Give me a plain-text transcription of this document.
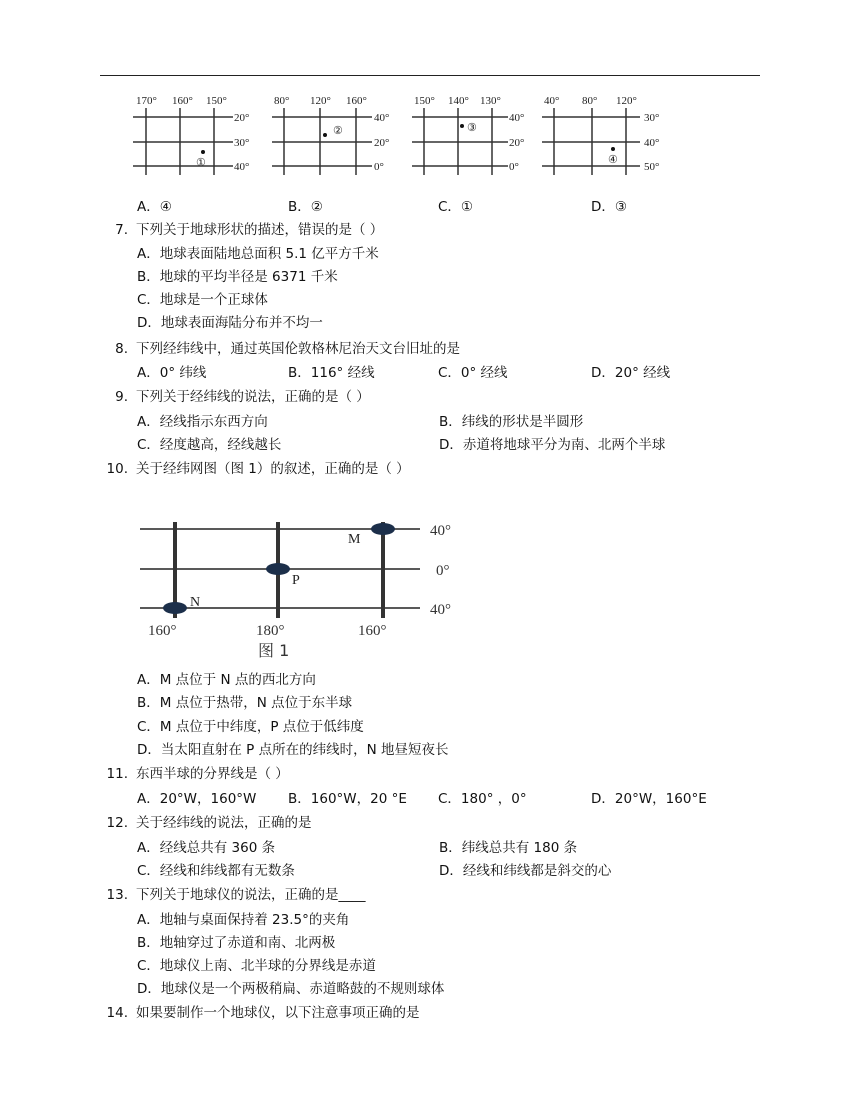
170° 160° 150°
20°
30°
40°
①
80° 120° 160°
40°
20°
0°
②
150° 140° 130°
40°
20°
0°
③
40° 80° 120°
30°
40°
50°
④
A．④	B．②	C．①	D．③
7. 下列关于地球形状的描述，错误的是（ ）
A．地球表面陆地总面积 5.1 亿平方千米
B．地球的平均半径是 6371 千米
C．地球是一个正球体
D．地球表面海陆分布并不均一
8. 下列经纬线中，通过英国伦敦格林尼治天文台旧址的是
A．0° 纬线	B．116° 经线	C．0° 经线	D．20° 经线
9. 下列关于经纬线的说法，正确的是（ ）
A．经线指示东西方向	B．纬线的形状是半圆形
C．经度越高，经线越长	D．赤道将地球平分为南、北两个半球
10. 关于经纬网图（图 1）的叙述，正确的是（ ）
M
P
N
40°
0°
40°
160°	180°	160°
图 1
A．M 点位于 N 点的西北方向
B．M 点位于热带，N 点位于东半球
C．M 点位于中纬度，P 点位于低纬度
D．当太阳直射在 P 点所在的纬线时，N 地昼短夜长
11. 东西半球的分界线是（ ）
A．20°W，160°W B．160°W，20 °E C．180° ，0°	D．20°W，160°E
12. 关于经纬线的说法，正确的是
A．经线总共有 360 条	B．纬线总共有 180 条
C．经线和纬线都有无数条	D．经线和纬线都是斜交的心
13. 下列关于地球仪的说法，正确的是____
A．地轴与桌面保持着 23.5°的夹角
B．地轴穿过了赤道和南、北两极
C．地球仪上南、北半球的分界线是赤道
D．地球仪是一个两极稍扁、赤道略鼓的不规则球体
14. 如果要制作一个地球仪，以下注意事项正确的是
